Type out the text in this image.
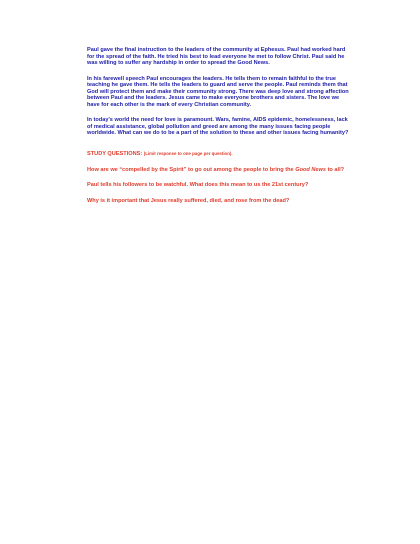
Paul gave the final instruction to the leaders of the community at Ephesus. Paul had worked hard for the spread of the faith. He tried his best to lead everyone he met to follow Christ. Paul said he was willing to suffer any hardship in order to spread the Good News.

In his farewell speech Paul encourages the leaders. He tells them to remain faithful to the true teaching he gave them. He tells the leaders to guard and serve the people. Paul reminds them that God will protect them and make their community strong. There was deep love and strong affection between Paul and the leaders. Jesus came to make everyone brothers and sisters. The love we have for each other is the mark of every Christian community.

In today's world the need for love is paramount. Wars, famine, AIDS epidemic, homelessness, lack of medical assistance, global pollution and greed are among the many issues facing people worldwide. What can we do to be a part of the solution to these and other issues facing humanity?

STUDY QUESTIONS: (Limit response to one page per question).

How are we “compelled by the Spirit” to go out among the people to bring the Good News to all?

Paul tells his followers to be watchful. What does this mean to us the 21st century?

Why is it important that Jesus really suffered, died, and rose from the dead?
